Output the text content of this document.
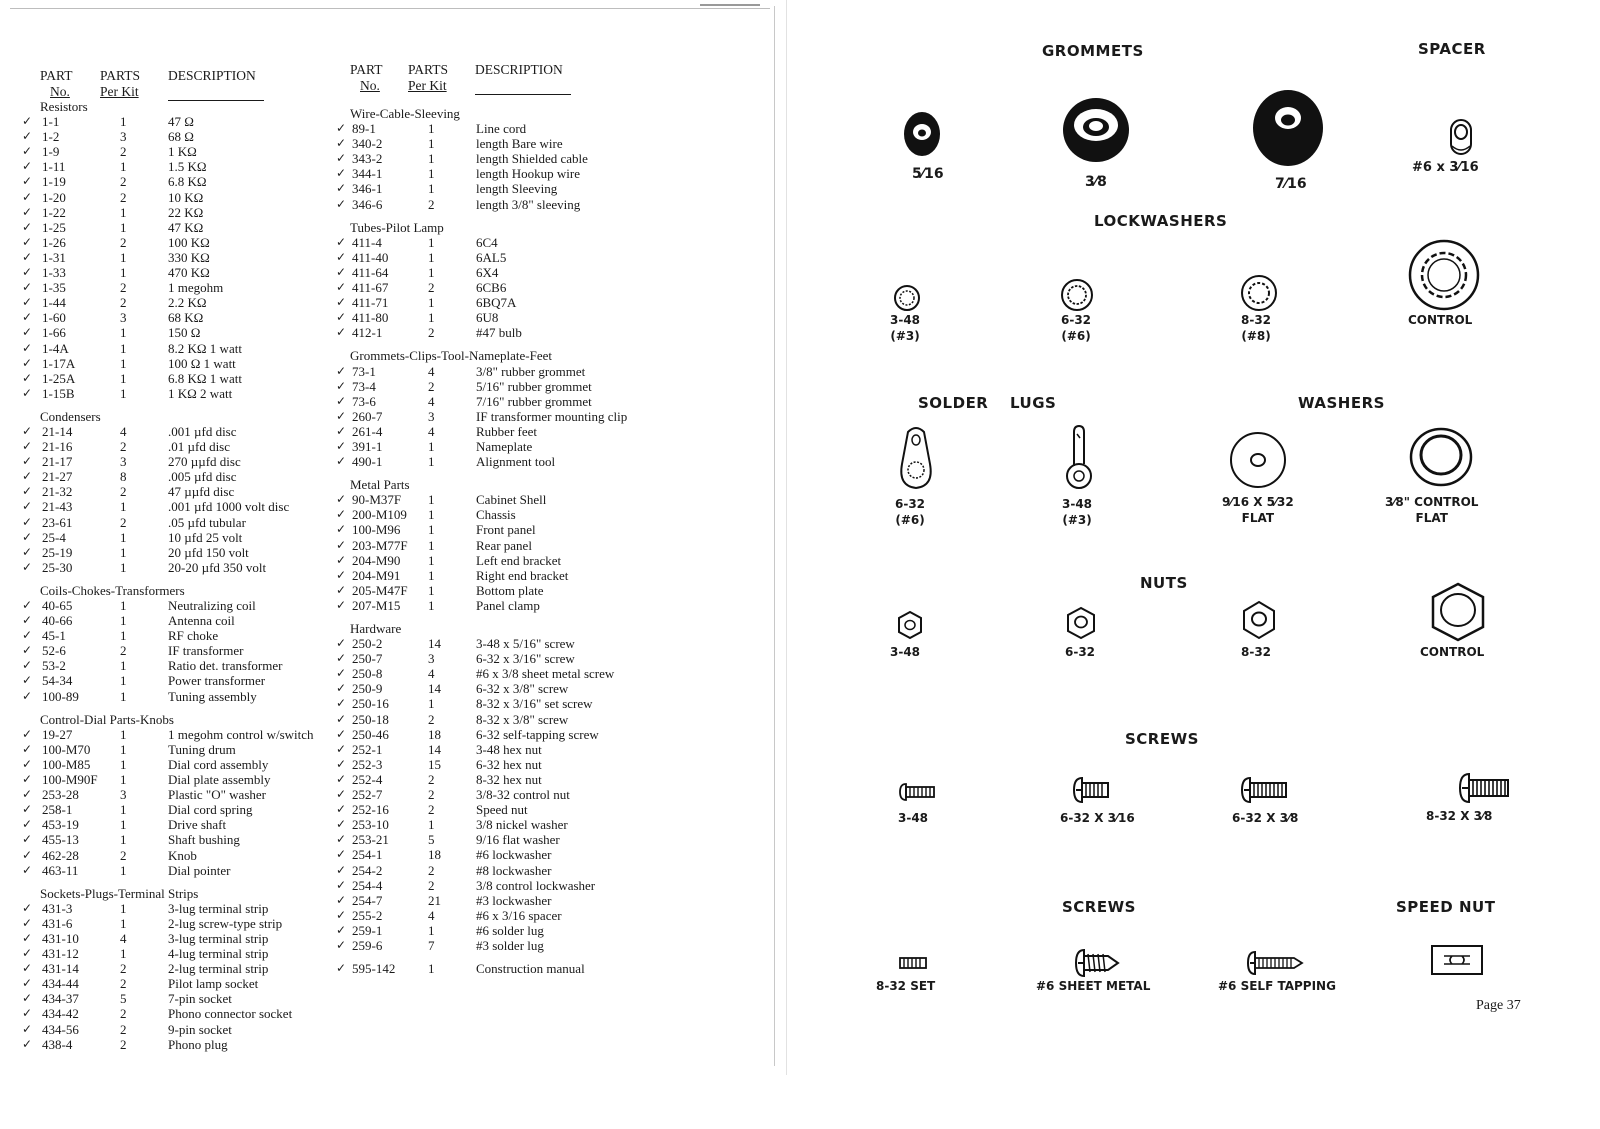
PART
No.
PARTS
Per Kit
DESCRIPTION	PART
No.
PARTS
Per Kit
DESCRIPTION
Resistors
✓ 1-1	1	47 Ω
✓ 1-2	3	68 Ω
✓ 1-9	2	1 KΩ
✓ 1-11	1	1.5 KΩ
✓ 1-19	2	6.8 KΩ
✓ 1-20	2	10 KΩ
✓ 1-22	1	22 KΩ
✓ 1-25	1	47 KΩ
✓ 1-26	2	100 KΩ
✓ 1-31	1	330 KΩ
✓ 1-33	1	470 KΩ
✓ 1-35	2	1 megohm
✓ 1-44	2	2.2 KΩ
✓ 1-60	3	68 KΩ
✓ 1-66	1	150 Ω
✓ 1-4A	1	8.2 KΩ 1 watt
✓ 1-17A	1	100 Ω 1 watt
✓ 1-25A	1	6.8 KΩ 1 watt
✓ 1-15B	1	1 KΩ 2 watt
Condensers
✓ 21-14	4	.001 µfd disc
✓ 21-16	2	.01 µfd disc
✓ 21-17	3	270 µµfd disc
✓ 21-27	8	.005 µfd disc
✓ 21-32	2	47 µµfd disc
✓ 21-43	1	.001 µfd 1000 volt disc
✓ 23-61	2	.05 µfd tubular
✓ 25-4	1	10 µfd 25 volt
✓ 25-19	1	20 µfd 150 volt
✓ 25-30	1	20-20 µfd 350 volt
Coils-Chokes-Transformers
✓ 40-65	1	Neutralizing coil
✓ 40-66	1	Antenna coil
✓ 45-1	1	RF choke
✓ 52-6	2	IF transformer
✓ 53-2	1	Ratio det. transformer
✓ 54-34	1	Power transformer
✓ 100-89	1	Tuning assembly
Control-Dial Parts-Knobs
✓ 19-27	1	1 megohm control w/switch
✓ 100-M70 1	Tuning drum
✓ 100-M85 1	Dial cord assembly
✓ 100-M90F 1	Dial plate assembly
✓ 253-28	3	Plastic "O" washer
✓ 258-1	1	Dial cord spring
✓ 453-19	1	Drive shaft
✓ 455-13	1	Shaft bushing
✓ 462-28	2	Knob
✓ 463-11	1	Dial pointer
Sockets-Plugs-Terminal Strips
✓ 431-3	1	3-lug terminal strip
✓ 431-6	1	2-lug screw-type strip
✓ 431-10	4	3-lug terminal strip
✓ 431-12	1	4-lug terminal strip
✓ 431-14	2	2-lug terminal strip
✓ 434-44	2	Pilot lamp socket
✓ 434-37	5	7-pin socket
✓ 434-42	2	Phono connector socket
✓ 434-56	2	9-pin socket
✓ 438-4	2	Phono plug
Wire-Cable-Sleeving
✓ 89-1	1	Line cord
✓ 340-2	1	length Bare wire
✓ 343-2	1	length Shielded cable
✓ 344-1	1	length Hookup wire
✓ 346-1	1	length Sleeving
✓ 346-6	2	length 3/8" sleeving
Tubes-Pilot Lamp
✓ 411-4	1	6C4
✓ 411-40	1	6AL5
✓ 411-64	1	6X4
✓ 411-67	2	6CB6
✓ 411-71	1	6BQ7A
✓ 411-80	1	6U8
✓ 412-1	2	#47 bulb
Grommets-Clips-Tool-Nameplate-Feet
✓ 73-1	4	3/8" rubber grommet
✓ 73-4	2	5/16" rubber grommet
✓ 73-6	4	7/16" rubber grommet
✓ 260-7	3	IF transformer mounting clip
✓ 261-4	4	Rubber feet
✓ 391-1	1	Nameplate
✓ 490-1	1	Alignment tool
Metal Parts
✓ 90-M37F 1	Cabinet Shell
✓ 200-M109 1	Chassis
✓ 100-M96 1	Front panel
✓ 203-M77F 1	Rear panel
✓ 204-M90 1	Left end bracket
✓ 204-M91 1	Right end bracket
✓ 205-M47F 1	Bottom plate
✓ 207-M15 1	Panel clamp
Hardware
✓ 250-2	14	3-48 x 5/16" screw
✓ 250-7	3	6-32 x 3/16" screw
✓ 250-8	4	#6 x 3/8 sheet metal screw
✓ 250-9	14	6-32 x 3/8" screw
✓ 250-16	1	8-32 x 3/16" set screw
✓ 250-18	2	8-32 x 3/8" screw
✓ 250-46	18	6-32 self-tapping screw
✓ 252-1	14	3-48 hex nut
✓ 252-3	15	6-32 hex nut
✓ 252-4	2	8-32 hex nut
✓ 252-7	2	3/8-32 control nut
✓ 252-16	2	Speed nut
✓ 253-10	1	3/8 nickel washer
✓ 253-21	5	9/16 flat washer
✓ 254-1	18	#6 lockwasher
✓ 254-2	2	#8 lockwasher
✓ 254-4	2	3/8 control lockwasher
✓ 254-7	21	#3 lockwasher
✓ 255-2	4	#6 x 3/16 spacer
✓ 259-1	1	#6 solder lug
✓ 259-6	7	#3 solder lug
✓ 595-142	1	Construction manual
GROMMETS	SPACER
5⁄16	3⁄8	7⁄16
#6 x 3⁄16
LOCKWASHERS
3-48
(#3)
6-32
(#6)
8-32
(#8)
CONTROL
SOLDER LUGS	WASHERS
6-32
(#6)
3-48
(#3)
9⁄16 X 5⁄32
FLAT
3⁄8" CONTROL
FLAT
NUTS
3-48	6-32	8-32	CONTROL
SCREWS
3-48	6-32 X 3⁄16	6-32 X 3⁄8	8-32 X 3⁄8
SCREWS	SPEED NUT
8-32 SET	#6 SHEET METAL	#6 SELF TAPPING
Page 37
